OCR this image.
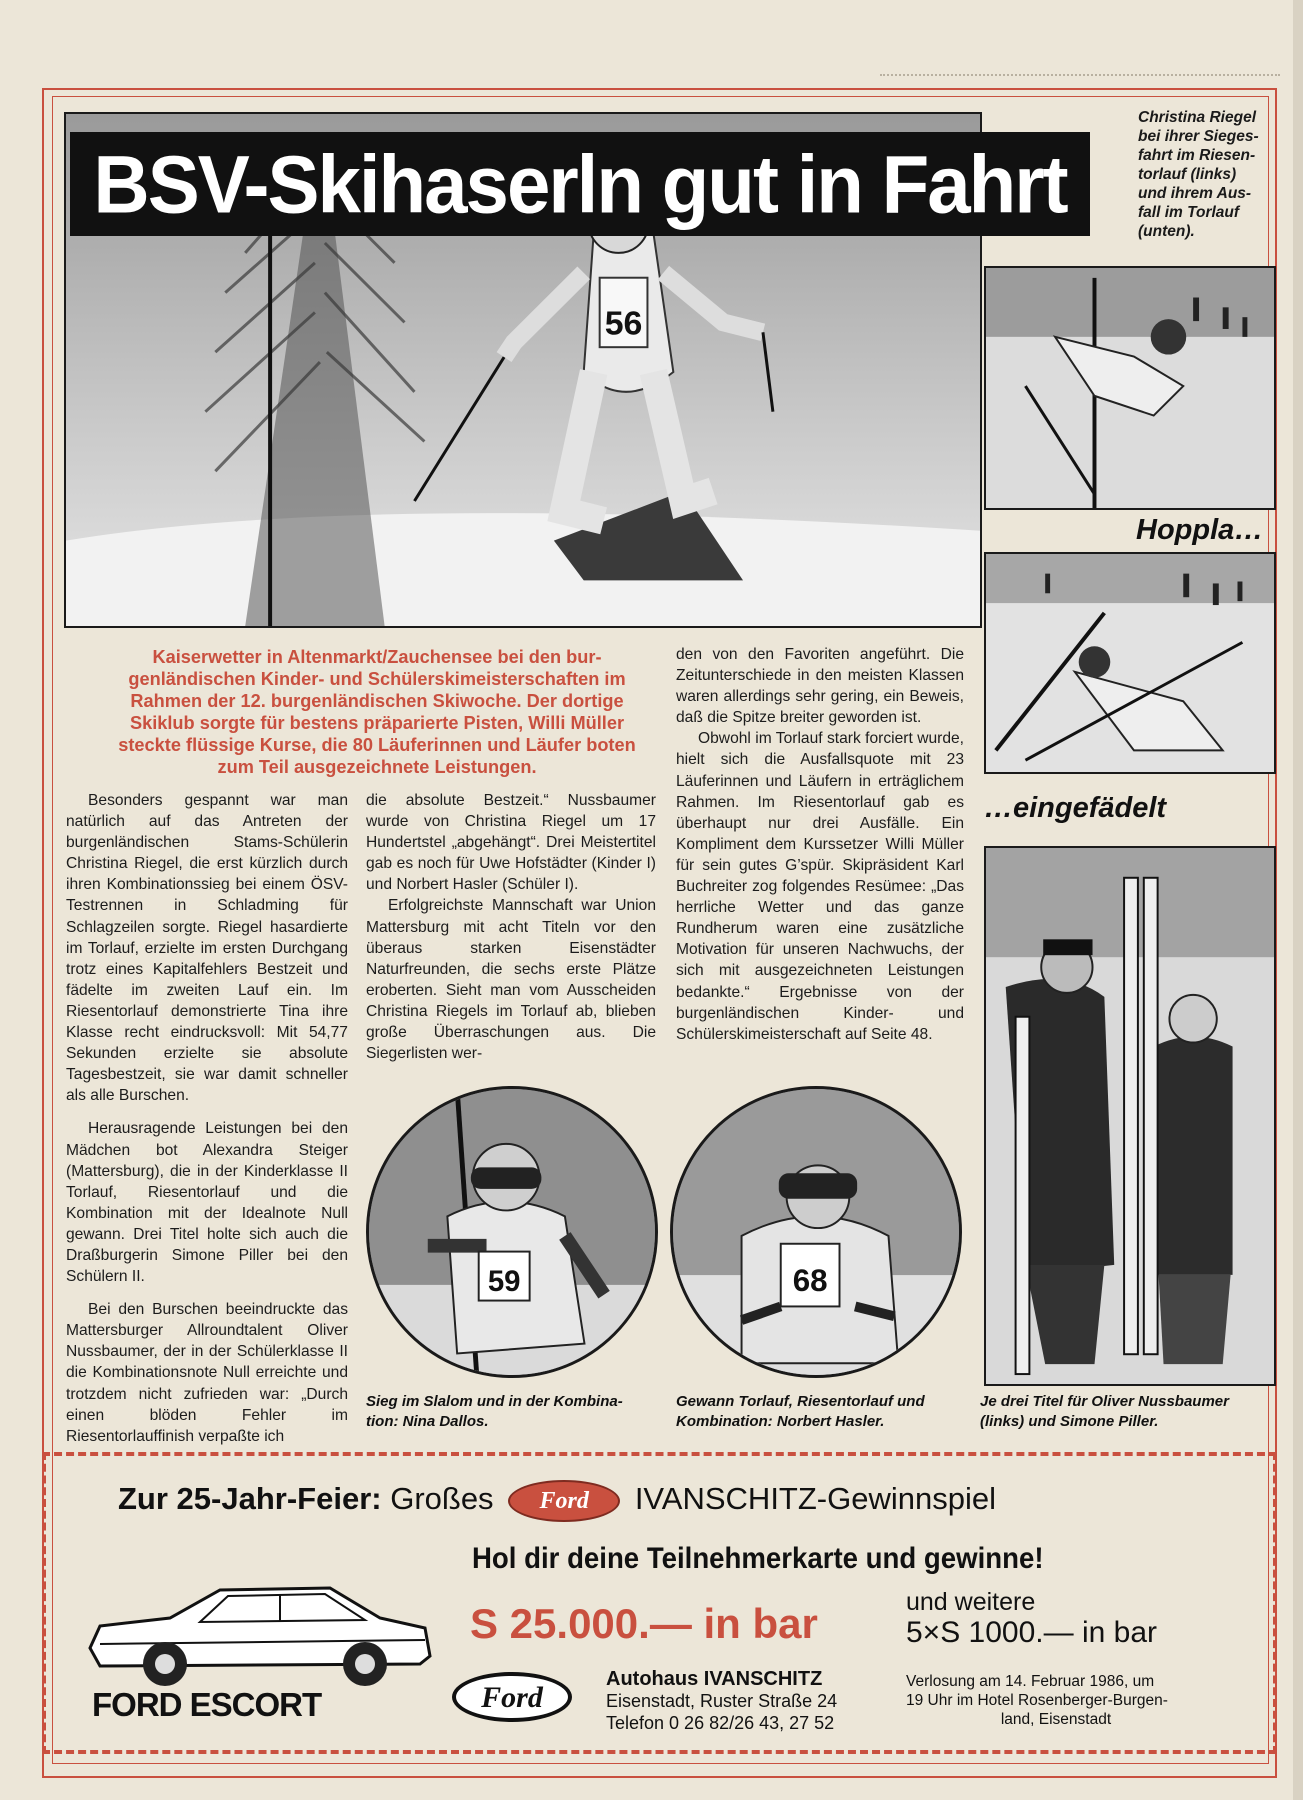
56
BSV-Skihaserln gut in Fahrt
Christina Riegel
bei ihrer Sieges-
fahrt im Riesen-
torlauf (links)
und ihrem Aus-
fall im Torlauf
(unten).
Hoppla…
…eingefädelt
Kaiserwetter in Altenmarkt/Zauchensee bei den bur-
genländischen Kinder- und Schülerskimeisterschaften im
Rahmen der 12. burgenländischen Skiwoche. Der dortige
Skiklub sorgte für bestens präparierte Pisten, Willi Müller
steckte flüssige Kurse, die 80 Läuferinnen und Läufer boten
zum Teil ausgezeichnete Leistungen.

Besonders gespannt war man natürlich auf das Antreten der burgenländischen Stams-Schülerin Christina Riegel, die erst kürzlich durch ihren Kombinationssieg bei einem ÖSV-Testrennen in Schladming für Schlagzeilen sorgte. Riegel hasardierte im Torlauf, erzielte im ersten Durchgang trotz eines Kapitalfehlers Bestzeit und fädelte im zweiten Lauf ein. Im Riesentorlauf demonstrierte Tina ihre Klasse recht eindrucksvoll: Mit 54,77 Sekunden erzielte sie absolute Tagesbestzeit, sie war damit schneller als alle Burschen.

Herausragende Leistungen bei den Mädchen bot Alexandra Steiger (Mattersburg), die in der Kinderklasse II Torlauf, Riesentorlauf und die Kombination mit der Idealnote Null gewann. Drei Titel holte sich auch die Draßburgerin Simone Piller bei den Schülern II.

Bei den Burschen beeindruckte das Mattersburger Allroundtalent Oliver Nussbaumer, der in der Schülerklasse II die Kombinationsnote Null erreichte und trotzdem nicht zufrieden war: „Durch einen blöden Fehler im Riesentorlauffinish verpaßte ich

die absolute Bestzeit.“ Nussbaumer wurde von Christina Riegel um 17 Hundertstel „abgehängt“. Drei Meistertitel gab es noch für Uwe Hofstädter (Kinder I) und Norbert Hasler (Schüler I).

Erfolgreichste Mannschaft war Union Mattersburg mit acht Titeln vor den überaus starken Eisenstädter Naturfreunden, die sechs erste Plätze eroberten. Sieht man vom Ausscheiden Christina Riegels im Torlauf ab, blieben große Überraschungen aus. Die Siegerlisten wer-

den von den Favoriten angeführt. Die Zeitunterschiede in den meisten Klassen waren allerdings sehr gering, ein Beweis, daß die Spitze breiter geworden ist.

Obwohl im Torlauf stark forciert wurde, hielt sich die Ausfallsquote mit 23 Läuferinnen und Läufern in erträglichem Rahmen. Im Riesentorlauf gab es überhaupt nur drei Ausfälle. Ein Kompliment dem Kurssetzer Willi Müller für sein gutes G’spür. Skipräsident Karl Buchreiter zog folgendes Resümee: „Das herrliche Wetter und das ganze Rundherum waren eine zusätzliche Motivation für unseren Nachwuchs, der sich mit ausgezeichneten Leistungen bedankte.“ Ergebnisse von der burgenländischen Kinder- und Schülerskimeisterschaft auf Seite 48.

59	68
Sieg im Slalom und in der Kombina-
tion: Nina Dallos.
Gewann Torlauf, Riesentorlauf und
Kombination: Norbert Hasler.
Je drei Titel für Oliver Nussbaumer
(links) und Simone Piller.
Zur 25-Jahr-Feier: Großes Ford IVANSCHITZ-Gewinnspiel
Hol dir deine Teilnehmerkarte und gewinne!
S 25.000.— in bar	und weitere
5×S 1000.— in bar
FORD ESCORT	Ford
Autohaus IVANSCHITZ
Eisenstadt, Ruster Straße 24
Telefon 0 26 82/26 43, 27 52
Verlosung am 14. Februar 1986, um
19 Uhr im Hotel Rosenberger-Burgen-
land, Eisenstadt
